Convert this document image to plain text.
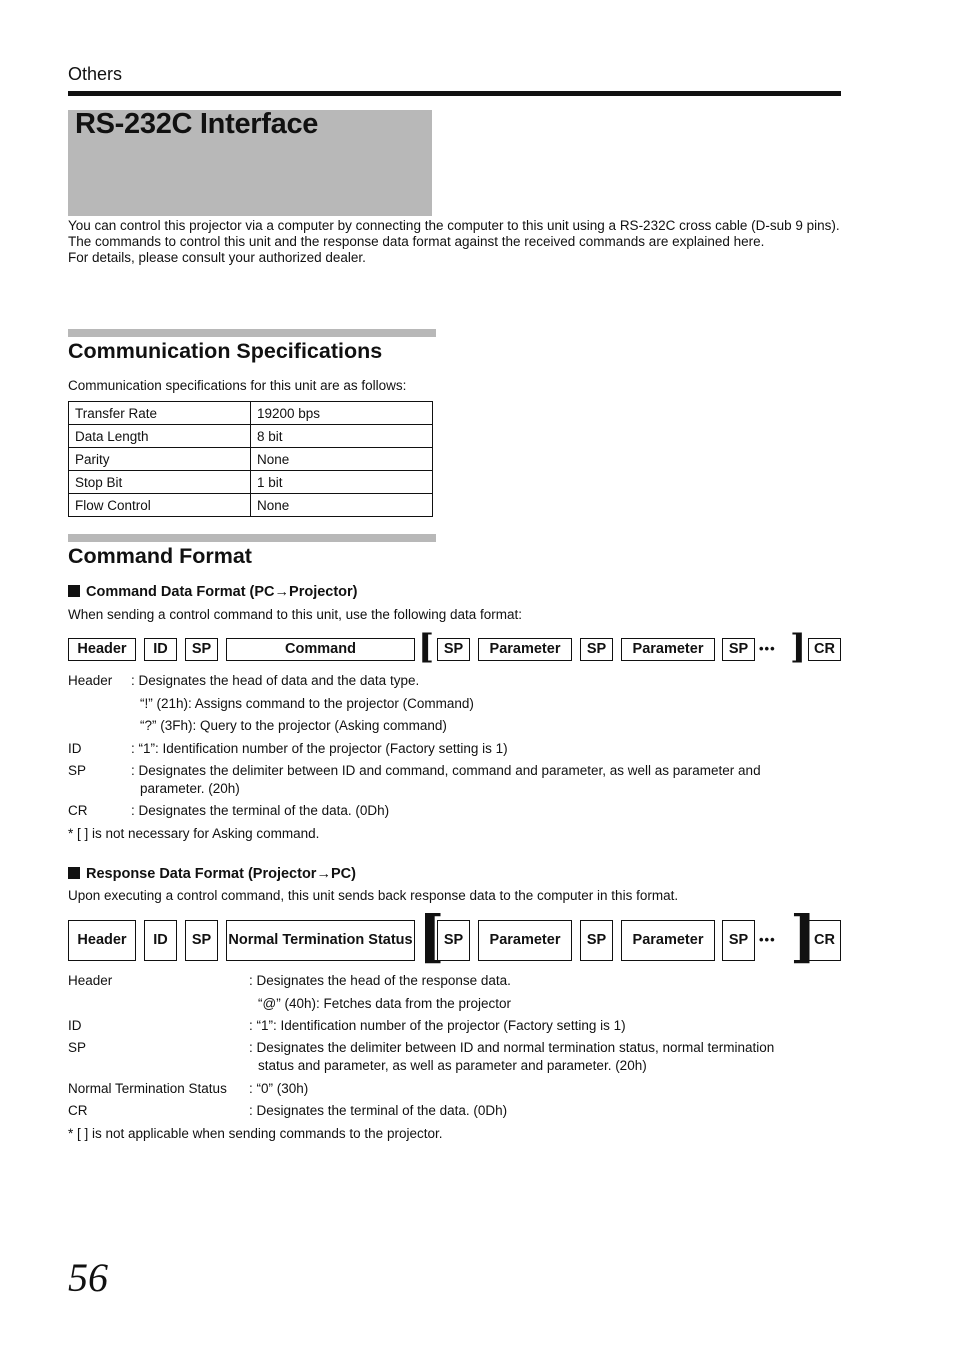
Others
RS-232C Interface

You can control this projector via a computer by connecting the computer to this unit using a RS-232C cross cable (D-sub 9 pins). The commands to control this unit and the response data format against the received commands are explained here.

For details, please consult your authorized dealer.

Communication Specifications
Communication specifications for this unit are as follows:
Transfer Rate	19200 bps
Data Length	8 bit
Parity	None
Stop Bit	1 bit
Flow Control	None
Command Format
Command Data Format (PC→Projector)
When sending a control command to this unit, use the following data format:
Header	ID	SP	Command	[ SP	Parameter	SP	Parameter	SP ••• ] CR
Header : Designates the head of data and the data type.
“!” (21h): Assigns command to the projector (Command)
“?” (3Fh): Query to the projector (Asking command)
ID	: “1”: Identification number of the projector (Factory setting is 1)
SP	: Designates the delimiter between ID and command, command and parameter, as well as parameter and
parameter. (20h)
CR	: Designates the terminal of the data. (0Dh)
* [ ] is not necessary for Asking command.
Response Data Format (Projector→PC)
Upon executing a control command, this unit sends back response data to the computer in this format.
Header	ID	SP	Normal Termination Status [ SP	Parameter	SP	Parameter	SP ••• ]
CR
Header	: Designates the head of the response data.
“@” (40h): Fetches data from the projector
ID	: “1”: Identification number of the projector (Factory setting is 1)
SP	: Designates the delimiter between ID and normal termination status, normal termination
status and parameter, as well as parameter and parameter. (20h)
Normal Termination Status : “0” (30h)
CR	: Designates the terminal of the data. (0Dh)
* [ ] is not applicable when sending commands to the projector.
56
